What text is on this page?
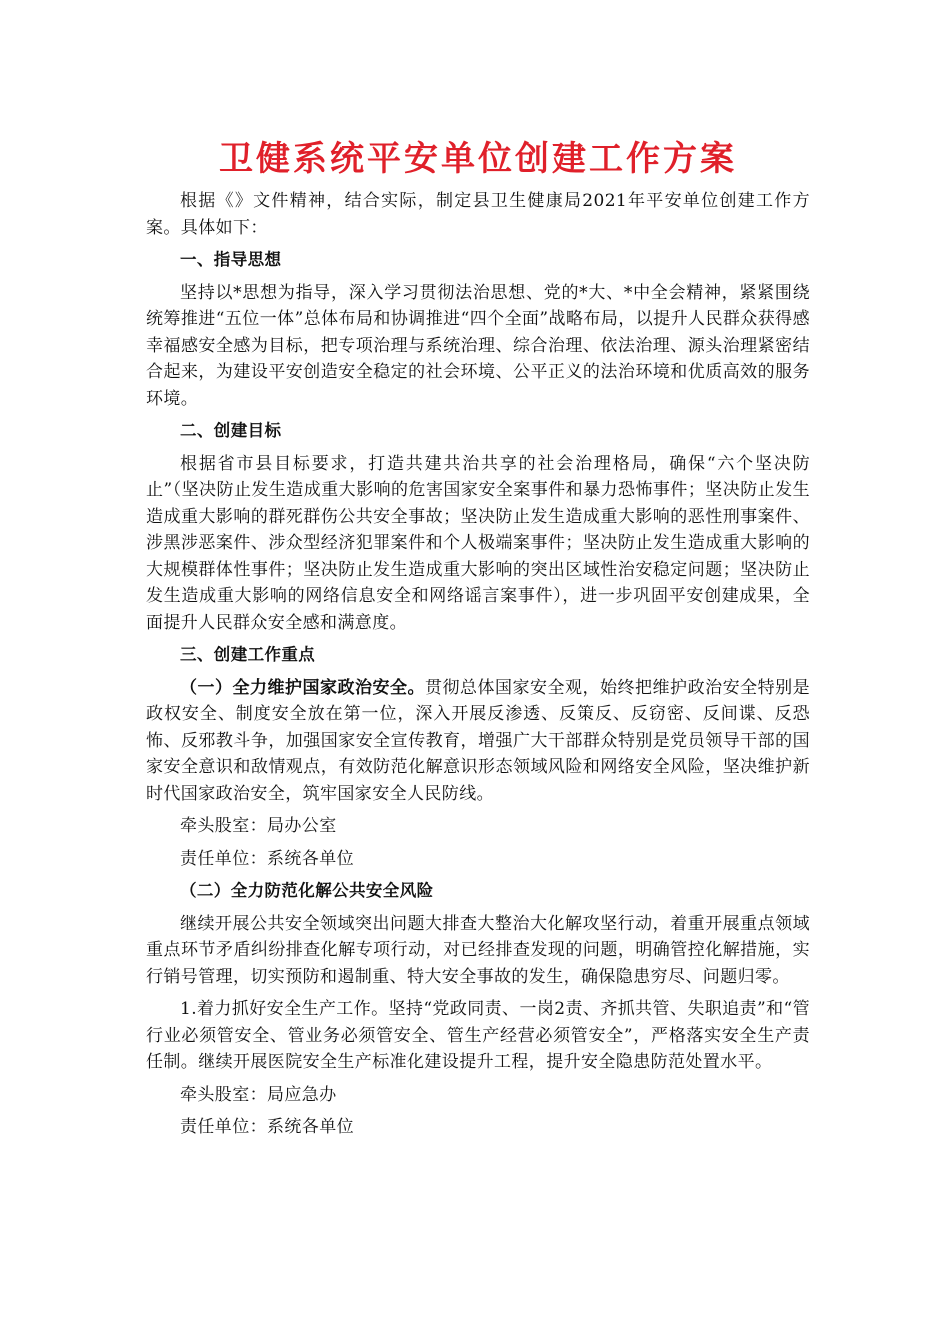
卫健系统平安单位创建工作方案

根据《》文件精神，结合实际，制定县卫生健康局2021年平安单位创建工作方案。具体如下：

一、指导思想

坚持以*思想为指导，深入学习贯彻法治思想、党的*大、*中全会精神，紧紧围绕统筹推进“五位一体”总体布局和协调推进“四个全面”战略布局，以提升人民群众获得感幸福感安全感为目标，把专项治理与系统治理、综合治理、依法治理、源头治理紧密结合起来，为建设平安创造安全稳定的社会环境、公平正义的法治环境和优质高效的服务环境。

二、创建目标

根据省市县目标要求，打造共建共治共享的社会治理格局，确保“六个坚决防止”（坚决防止发生造成重大影响的危害国家安全案事件和暴力恐怖事件；坚决防止发生造成重大影响的群死群伤公共安全事故；坚决防止发生造成重大影响的恶性刑事案件、涉黑涉恶案件、涉众型经济犯罪案件和个人极端案事件；坚决防止发生造成重大影响的大规模群体性事件；坚决防止发生造成重大影响的突出区域性治安稳定问题；坚决防止发生造成重大影响的网络信息安全和网络谣言案事件），进一步巩固平安创建成果，全面提升人民群众安全感和满意度。

三、创建工作重点

（一）全力维护国家政治安全。贯彻总体国家安全观，始终把维护政治安全特别是政权安全、制度安全放在第一位，深入开展反渗透、反策反、反窃密、反间谍、反恐怖、反邪教斗争，加强国家安全宣传教育，增强广大干部群众特别是党员领导干部的国家安全意识和敌情观点，有效防范化解意识形态领域风险和网络安全风险，坚决维护新时代国家政治安全，筑牢国家安全人民防线。

牵头股室：局办公室

责任单位：系统各单位

（二）全力防范化解公共安全风险

继续开展公共安全领域突出问题大排查大整治大化解攻坚行动，着重开展重点领域重点环节矛盾纠纷排查化解专项行动，对已经排查发现的问题，明确管控化解措施，实行销号管理，切实预防和遏制重、特大安全事故的发生，确保隐患穷尽、问题归零。

1.着力抓好安全生产工作。坚持“党政同责、一岗2责、齐抓共管、失职追责”和“管行业必须管安全、管业务必须管安全、管生产经营必须管安全”，严格落实安全生产责任制。继续开展医院安全生产标准化建设提升工程，提升安全隐患防范处置水平。

牵头股室：局应急办

责任单位：系统各单位
